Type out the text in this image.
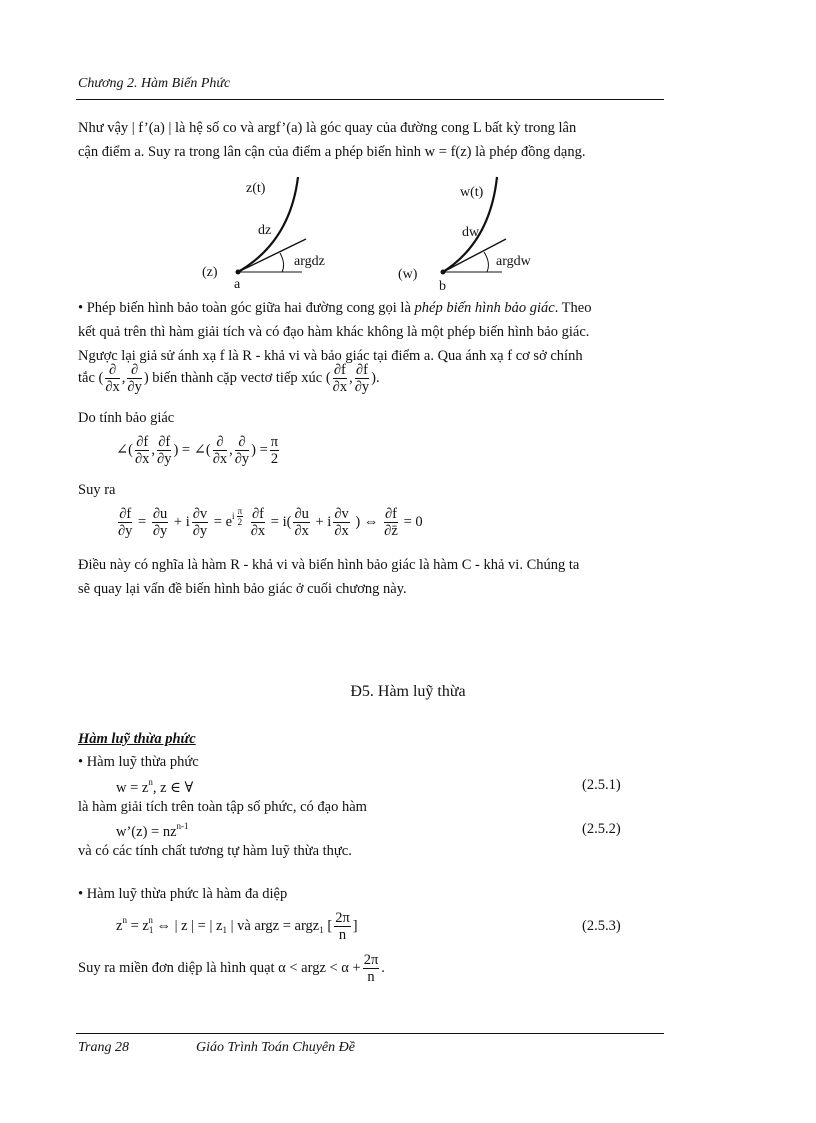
Chương 2. Hàm Biến Phức
Như vậy | f’(a) | là hệ số co và argf’(a) là góc quay của đường cong L bất kỳ trong lân
cận điểm a. Suy ra trong lân cận của điểm a phép biến hình w = f(z) là phép đồng dạng.
z(t)
dz
argdz
(z)
a
w(t)
dw
argdw
(w)
b
• Phép biến hình bảo toàn góc giữa hai đường cong gọi là phép biến hình bảo giác. Theo
kết quả trên thì hàm giải tích và có đạo hàm khác không là một phép biến hình bảo giác.
Ngược lại giả sử ánh xạ f là R - khả vi và bảo giác tại điểm a. Qua ánh xạ f cơ sở chính
tắc ( $\frac{\partial}{\partial x}$ , $\frac{\partial}{\partial y}$ ) biến thành cặp vectơ tiếp xúc ( $\frac{\partial f}{\partial x}$ , $\frac{\partial f}{\partial y}$ ).
Do tính bảo giác
∠( $\frac{\partial f}{\partial x}$ , $\frac{\partial f}{\partial y}$ ) = ∠( $\frac{\partial}{\partial x}$ , $\frac{\partial}{\partial y}$ ) = $\frac{\pi}{2}$
Suy ra
$\frac{\partial f}{\partial y} = \frac{\partial u}{\partial y} + i \frac{\partial v}{\partial y} = e^{i \frac{\pi}{2}}$
$\frac{\partial f}{\partial x} = i( \frac{\partial u}{\partial x} + i \frac{\partial v}{\partial x}$ ) ⇔ $\frac{\partial f}{\partial z̄} = 0$
Điều này có nghĩa là hàm R - khả vi và biến hình bảo giác là hàm C - khả vi. Chúng ta
sẽ quay lại vấn đề biến hình bảo giác ở cuối chương này.
Đ5. Hàm luỹ thừa
Hàm luỹ thừa phức
• Hàm luỹ thừa phức
$w = z^n$, z ∈ ∀	(2.5.1)
là hàm giải tích trên toàn tập số phức, có đạo hàm
w’(z) = $nz^{n-1}$	(2.5.2)
và có các tính chất tương tự hàm luỹ thừa thực.
• Hàm luỹ thừa phức là hàm đa diệp
$z^n = z_1^n$ ⇔ | z | = | $z_1$ | và argz = argz$_1$ [ $\frac{2\pi}{n}$ ]	(2.5.3)
Suy ra miền đơn diệp là hình quạt α < argz < $\alpha + \frac{2\pi}{n}$ .
Trang 28	Giáo Trình Toán Chuyên Đề
